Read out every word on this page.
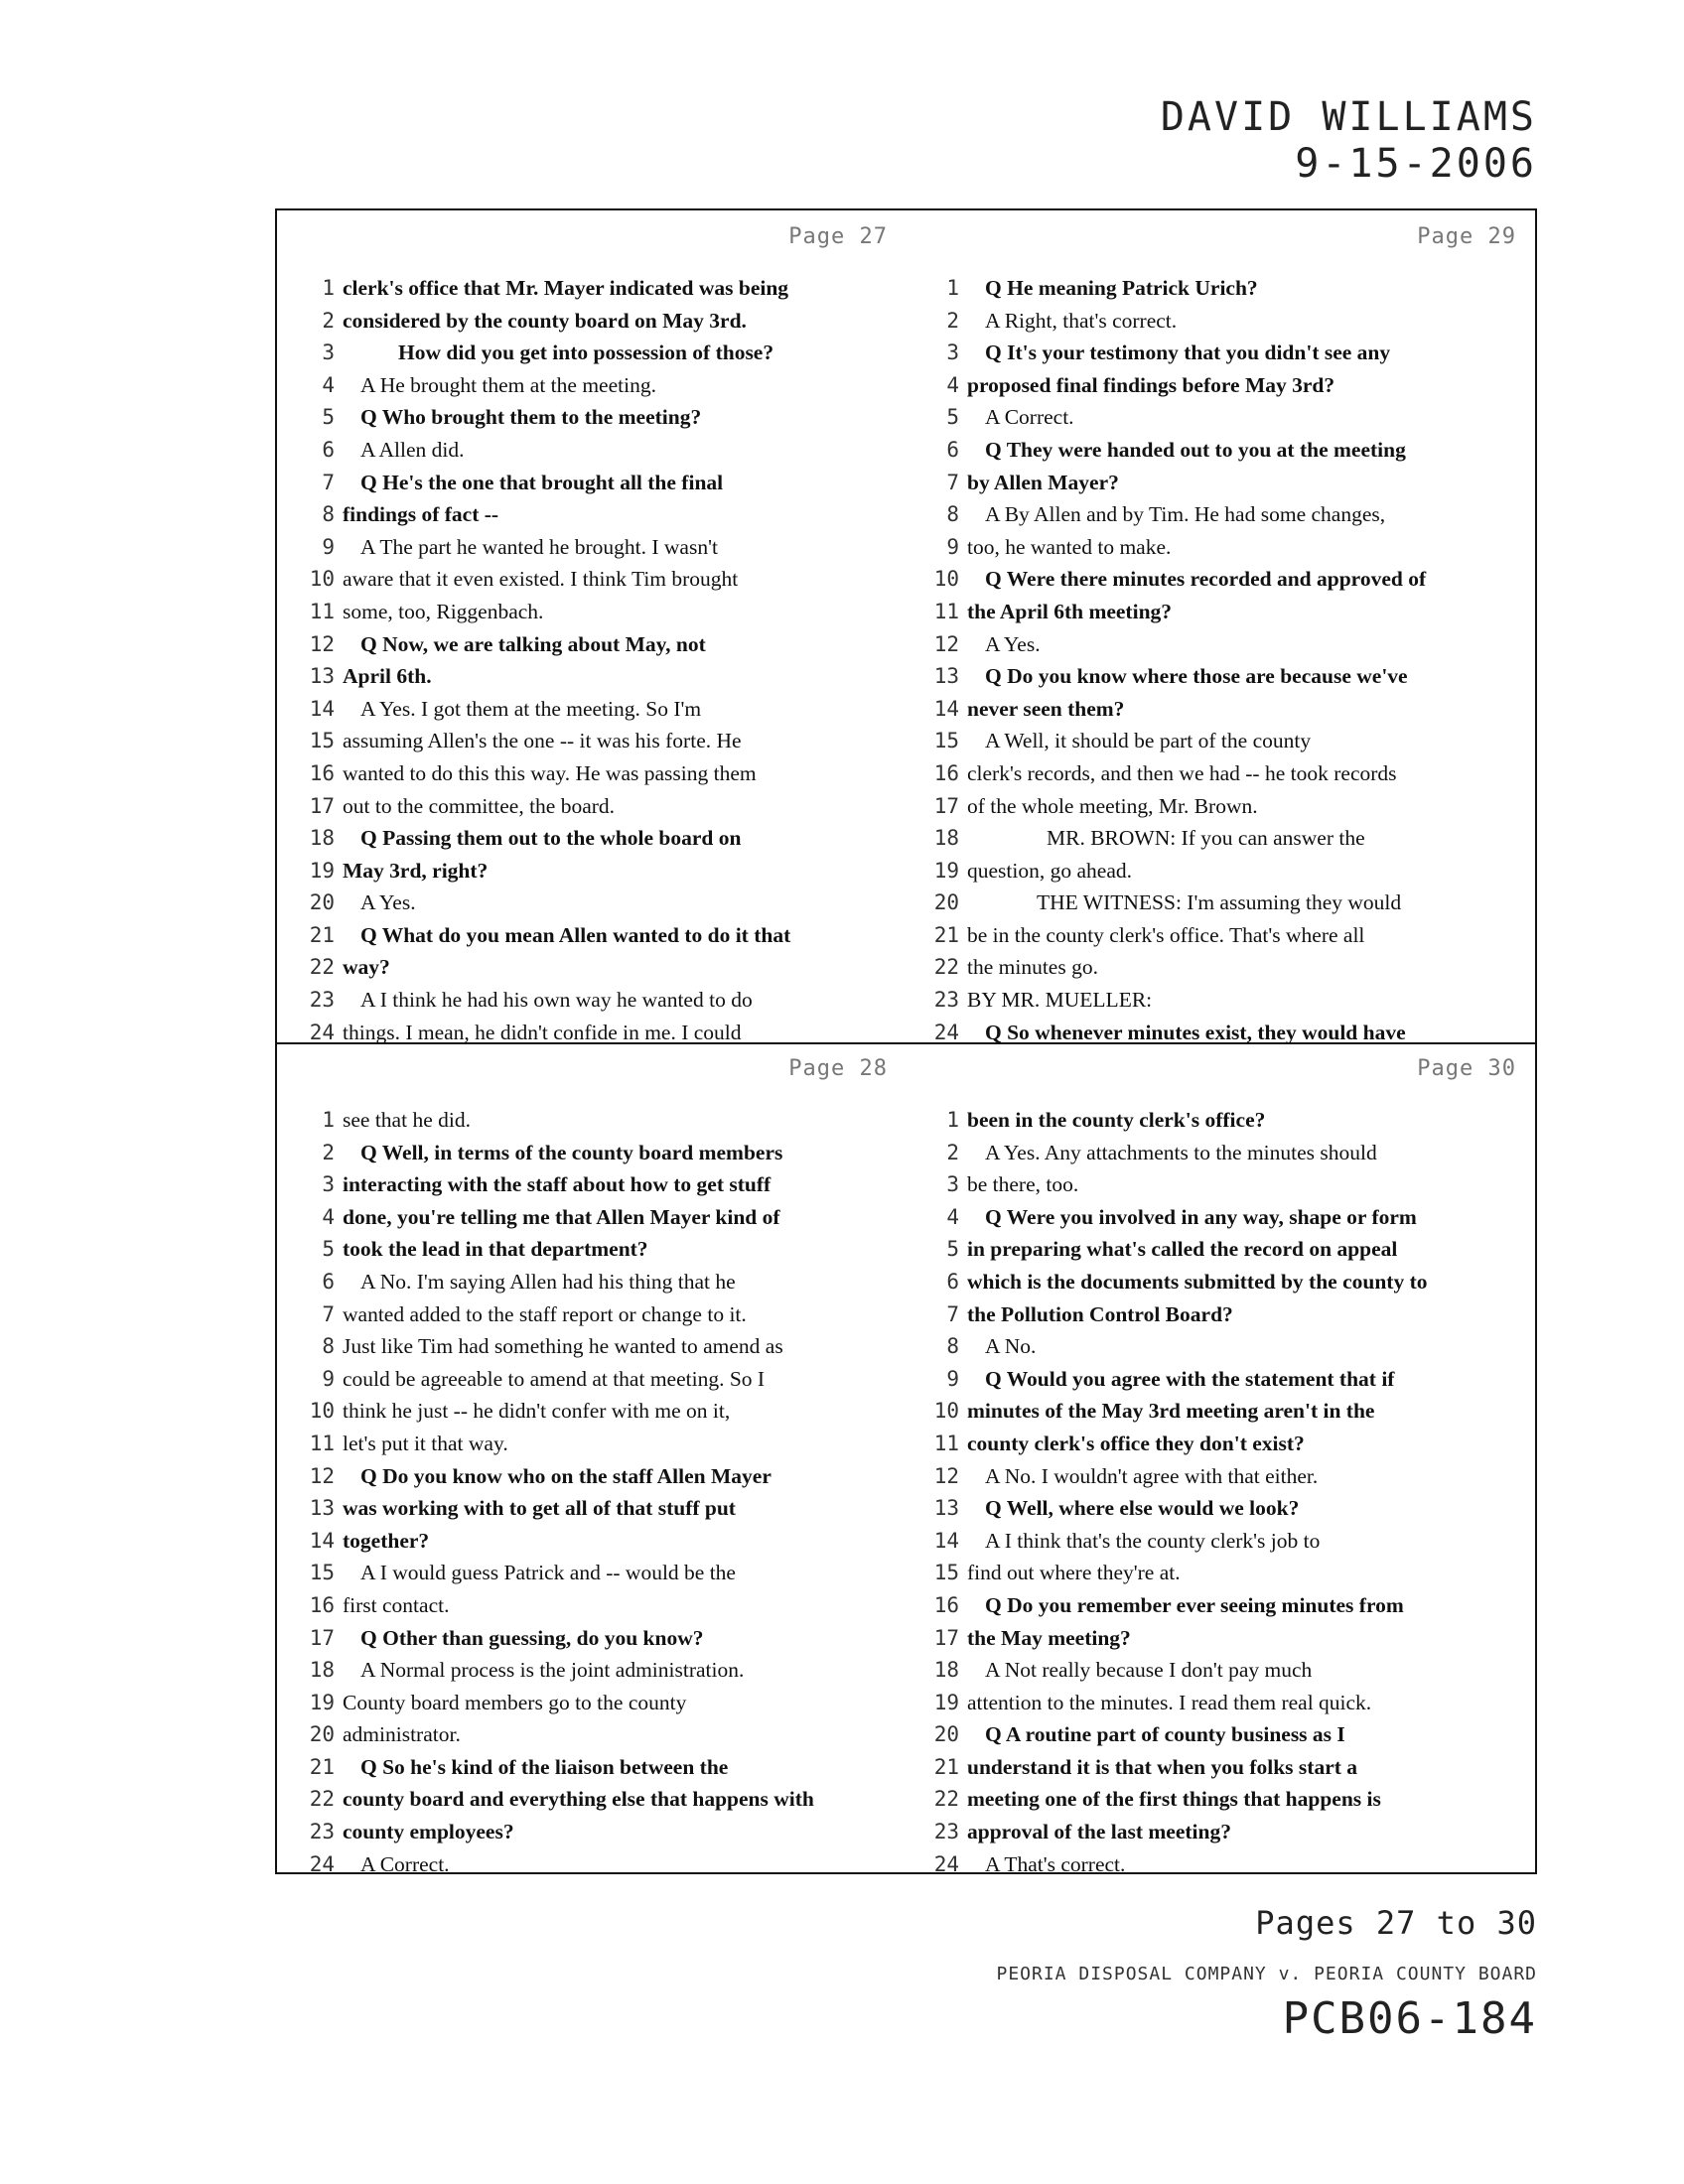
DAVID WILLIAMS
9-15-2006
Page 27
1 clerk's office that Mr. Mayer indicated was being
2 considered by the county board on May 3rd.
3	How did you get into possession of those?
4	A He brought them at the meeting.
5	Q Who brought them to the meeting?
6	A Allen did.
7	Q He's the one that brought all the final
8 findings of fact --
9	A The part he wanted he brought. I wasn't
10 aware that it even existed. I think Tim brought
11 some, too, Riggenbach.
12	Q Now, we are talking about May, not
13 April 6th.
14	A Yes. I got them at the meeting. So I'm
15 assuming Allen's the one -- it was his forte. He
16 wanted to do this this way. He was passing them
17 out to the committee, the board.
18	Q Passing them out to the whole board on
19 May 3rd, right?
20	A Yes.
21	Q What do you mean Allen wanted to do it that
22 way?
23	A I think he had his own way he wanted to do
24 things. I mean, he didn't confide in me. I could
Page 28
1 see that he did.
2	Q Well, in terms of the county board members
3 interacting with the staff about how to get stuff
4 done, you're telling me that Allen Mayer kind of
5 took the lead in that department?
6	A No. I'm saying Allen had his thing that he
7 wanted added to the staff report or change to it.
8 Just like Tim had something he wanted to amend as
9 could be agreeable to amend at that meeting. So I
10 think he just -- he didn't confer with me on it,
11 let's put it that way.
12	Q Do you know who on the staff Allen Mayer
13 was working with to get all of that stuff put
14 together?
15	A I would guess Patrick and -- would be the
16 first contact.
17	Q Other than guessing, do you know?
18	A Normal process is the joint administration.
19 County board members go to the county
20 administrator.
21	Q So he's kind of the liaison between the
22 county board and everything else that happens with
23 county employees?
24	A Correct.
Page 29
1	Q He meaning Patrick Urich?
2	A Right, that's correct.
3	Q It's your testimony that you didn't see any
4 proposed final findings before May 3rd?
5	A Correct.
6	Q They were handed out to you at the meeting
7 by Allen Mayer?
8	A By Allen and by Tim. He had some changes,
9 too, he wanted to make.
10	Q Were there minutes recorded and approved of
11 the April 6th meeting?
12	A Yes.
13	Q Do you know where those are because we've
14 never seen them?
15	A Well, it should be part of the county
16 clerk's records, and then we had -- he took records
17 of the whole meeting, Mr. Brown.
18	MR. BROWN: If you can answer the
19 question, go ahead.
20	THE WITNESS: I'm assuming they would
21 be in the county clerk's office. That's where all
22 the minutes go.
23 BY MR. MUELLER:
24	Q So whenever minutes exist, they would have
Page 30
1 been in the county clerk's office?
2	A Yes. Any attachments to the minutes should
3 be there, too.
4	Q Were you involved in any way, shape or form
5 in preparing what's called the record on appeal
6 which is the documents submitted by the county to
7 the Pollution Control Board?
8	A No.
9	Q Would you agree with the statement that if
10 minutes of the May 3rd meeting aren't in the
11 county clerk's office they don't exist?
12	A No. I wouldn't agree with that either.
13	Q Well, where else would we look?
14	A I think that's the county clerk's job to
15 find out where they're at.
16	Q Do you remember ever seeing minutes from
17 the May meeting?
18	A Not really because I don't pay much
19 attention to the minutes. I read them real quick.
20	Q A routine part of county business as I
21 understand it is that when you folks start a
22 meeting one of the first things that happens is
23 approval of the last meeting?
24	A That's correct.
Pages 27 to 30
PEORIA DISPOSAL COMPANY v. PEORIA COUNTY BOARD
PCB06-184
